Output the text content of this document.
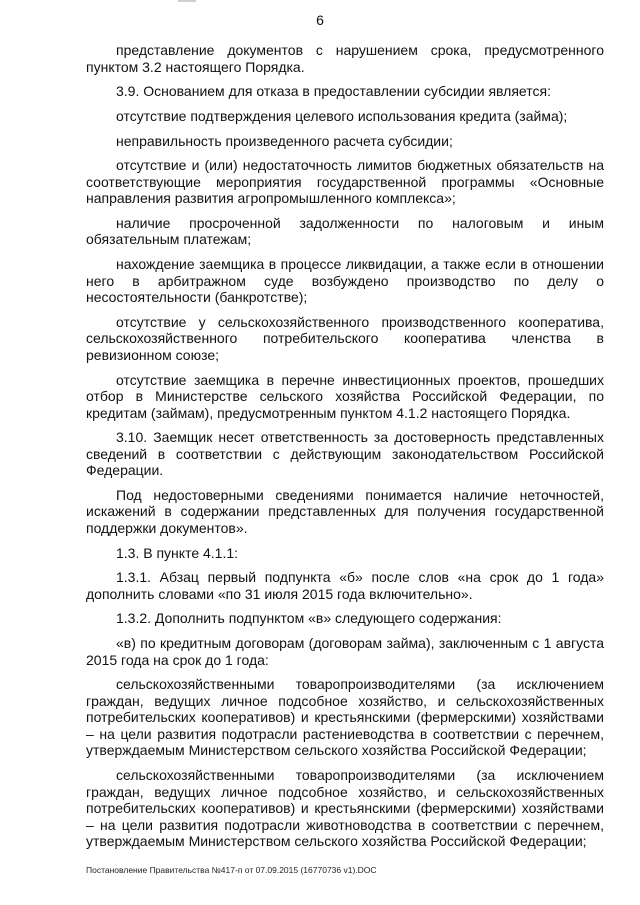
6

представление документов с нарушением срока, предусмотренного пунктом 3.2 настоящего Порядка.

3.9. Основанием для отказа в предоставлении субсидии является:

отсутствие подтверждения целевого использования кредита (займа);

неправильность произведенного расчета субсидии;

отсутствие и (или) недостаточность лимитов бюджетных обязательств на соответствующие мероприятия государственной программы «Основные направления развития агропромышленного комплекса»;

наличие просроченной задолженности по налоговым и иным обязательным платежам;

нахождение заемщика в процессе ликвидации, а также если в отношении него в арбитражном суде возбуждено производство по делу о несостоятельности (банкротстве);

отсутствие у сельскохозяйственного производственного кооператива, сельскохозяйственного потребительского кооператива членства в ревизионном союзе;

отсутствие заемщика в перечне инвестиционных проектов, прошедших отбор в Министерстве сельского хозяйства Российской Федерации, по кредитам (займам), предусмотренным пунктом 4.1.2 настоящего Порядка.

3.10. Заемщик несет ответственность за достоверность представленных сведений в соответствии с действующим законодательством Российской Федерации.

Под недостоверными сведениями понимается наличие неточностей, искажений в содержании представленных для получения государственной поддержки документов».

1.3. В пункте 4.1.1:

1.3.1. Абзац первый подпункта «б» после слов «на срок до 1 года» дополнить словами «по 31 июля 2015 года включительно».

1.3.2. Дополнить подпунктом «в» следующего содержания:

«в) по кредитным договорам (договорам займа), заключенным с 1 августа 2015 года на срок до 1 года:

сельскохозяйственными товаропроизводителями (за исключением граждан, ведущих личное подсобное хозяйство, и сельскохозяйственных потребительских кооперативов) и крестьянскими (фермерскими) хозяйствами – на цели развития подотрасли растениеводства в соответствии с перечнем, утверждаемым Министерством сельского хозяйства Российской Федерации;

сельскохозяйственными товаропроизводителями (за исключением граждан, ведущих личное подсобное хозяйство, и сельскохозяйственных потребительских кооперативов) и крестьянскими (фермерскими) хозяйствами – на цели развития подотрасли животноводства в соответствии с перечнем, утверждаемым Министерством сельского хозяйства Российской Федерации;

Постановление Правительства №417-п от 07.09.2015 (16770736 v1).DOC
